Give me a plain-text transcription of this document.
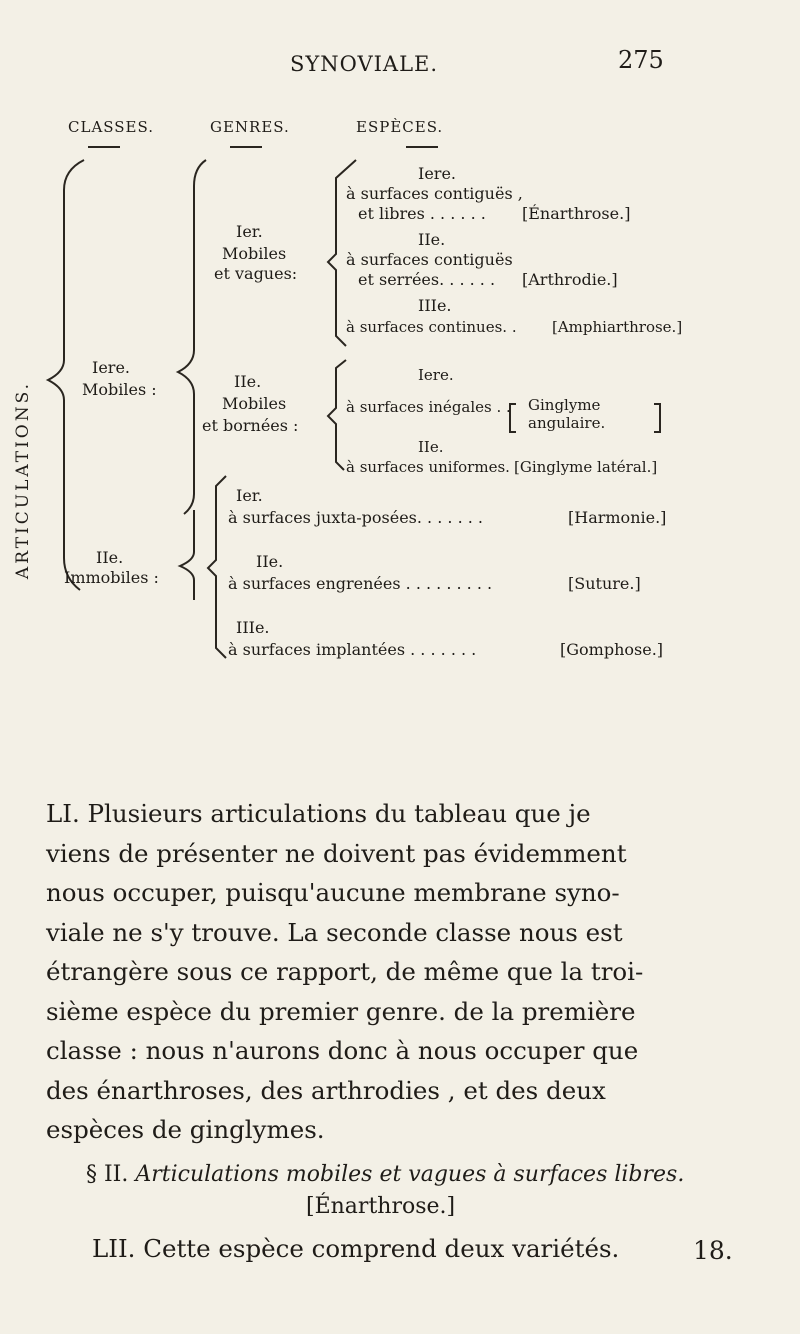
SYNOVIALE.	275
ARTICULATIONS.
CLASSES.	GENRES.	ESPÈCES.
Iere.
Mobiles :
IIe.
Immobiles :
Ier.
Mobiles
et vagues:
IIe.
Mobiles
et bornées :
Iere.
à surfaces contiguës ,
et libres . . . . . . [Énarthrose.]
IIe.
à surfaces contiguës
et serrées. . . . . . [Arthrodie.]
IIIe.
à surfaces continues. . [Amphiarthrose.]
Iere.
à surfaces inégales . . Ginglyme
angulaire.
IIe.
à surfaces uniformes. [Ginglyme latéral.]
Ier.
à surfaces juxta-posées. . . . . . .	[Harmonie.]
IIe.
à surfaces engrenées . . . . . . . . .	[Suture.]
IIIe.
à surfaces implantées . . . . . . .	[Gomphose.]

LI. Plusieurs articulations du tableau que je

viens de présenter ne doivent pas évidemment

nous occuper, puisqu'aucune membrane syno-

viale ne s'y trouve. La seconde classe nous est

étrangère sous ce rapport, de même que la troi-

sième espèce du premier genre. de la première

classe : nous n'aurons donc à nous occuper que

des énarthroses, des arthrodies , et des deux

espèces de ginglymes.

§ II. Articulations mobiles et vagues à surfaces libres.
[Énarthrose.]
LII. Cette espèce comprend deux variétés.	18.
